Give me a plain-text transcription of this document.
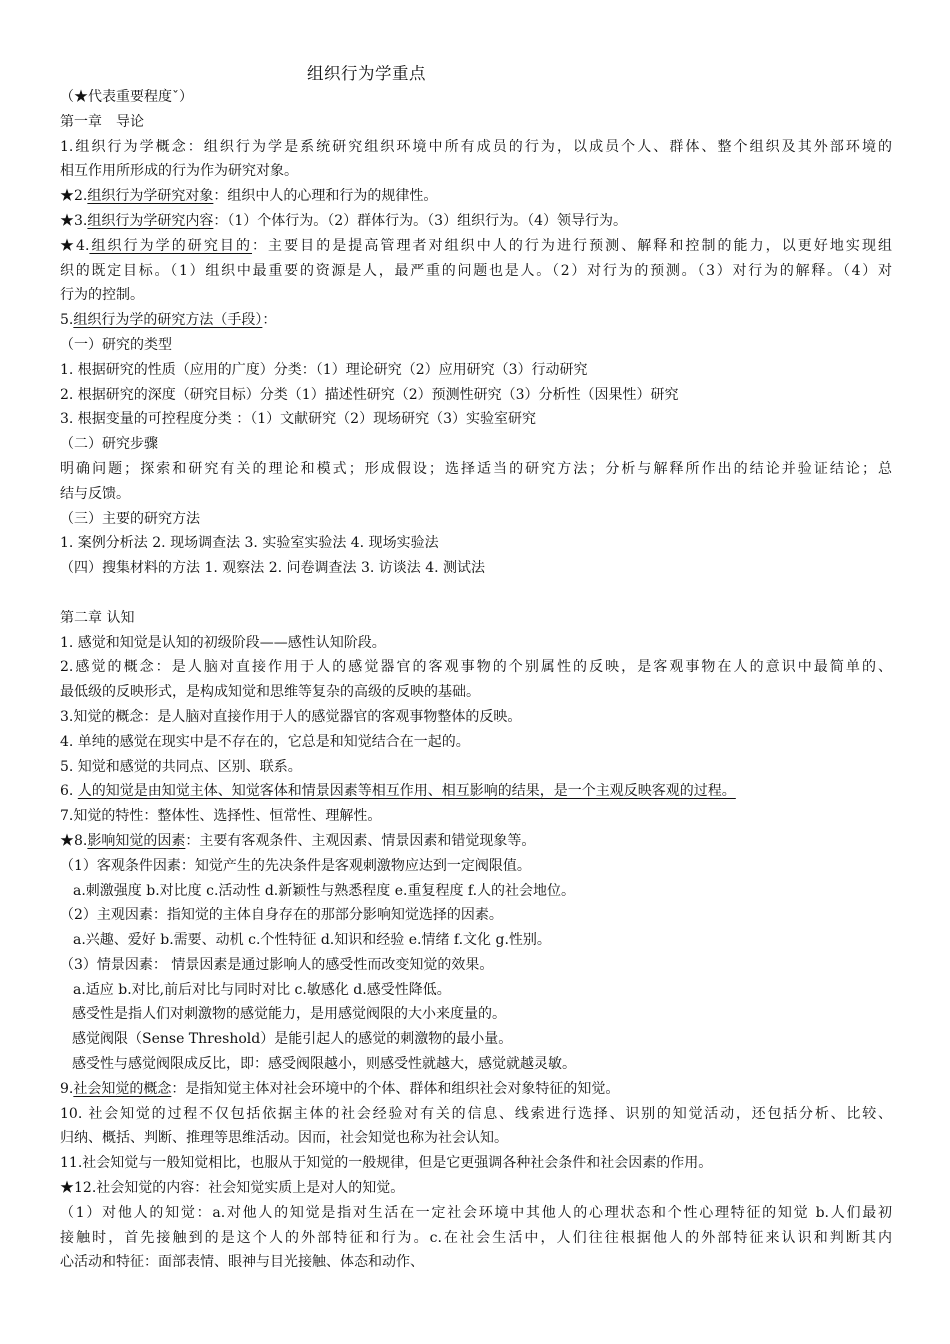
组织行为学重点
（★代表重要程度ˇ）
第一章　导论
1.组织行为学概念：组织行为学是系统研究组织环境中所有成员的行为，以成员个人、群体、整个组织及其外部环境的
相互作用所形成的行为作为研究对象。
★2.组织行为学研究对象：组织中人的心理和行为的规律性。
★3.组织行为学研究内容：（1）个体行为。（2）群体行为。（3）组织行为。（4）领导行为。
★4.组织行为学的研究目的：主要目的是提高管理者对组织中人的行为进行预测、解释和控制的能力，以更好地实现组
织的既定目标。（1）组织中最重要的资源是人，最严重的问题也是人。（2）对行为的预测。（3）对行为的解释。（4）对
行为的控制。
5.组织行为学的研究方法（手段）：
（一）研究的类型
1. 根据研究的性质（应用的广度）分类：（1）理论研究（2）应用研究（3）行动研究
2. 根据研究的深度（研究目标）分类（1）描述性研究（2）预测性研究（3）分析性（因果性）研究
3. 根据变量的可控程度分类 ：（1）文献研究（2）现场研究（3）实验室研究
（二）研究步骤
明确问题；探索和研究有关的理论和模式；形成假设；选择适当的研究方法；分析与解释所作出的结论并验证结论；总
结与反馈。
（三）主要的研究方法
1. 案例分析法 2. 现场调查法 3. 实验室实验法 4. 现场实验法
（四）搜集材料的方法 1. 观察法 2. 问卷调查法 3. 访谈法 4. 测试法
第二章 认知
1. 感觉和知觉是认知的初级阶段——感性认知阶段。
2.感觉的概念：是人脑对直接作用于人的感觉器官的客观事物的个别属性的反映，是客观事物在人的意识中最简单的、
最低级的反映形式，是构成知觉和思维等复杂的高级的反映的基础。
3.知觉的概念：是人脑对直接作用于人的感觉器官的客观事物整体的反映。
4. 单纯的感觉在现实中是不存在的，它总是和知觉结合在一起的。
5. 知觉和感觉的共同点、区别、联系。
6. 人的知觉是由知觉主体、知觉客体和情景因素等相互作用、相互影响的结果，是一个主观反映客观的过程。
7.知觉的特性：整体性、选择性、恒常性、理解性。
★8.影响知觉的因素：主要有客观条件、主观因素、情景因素和错觉现象等。
（1）客观条件因素：知觉产生的先决条件是客观刺激物应达到一定阀限值。
a.刺激强度 b.对比度 c.活动性 d.新颖性与熟悉程度 e.重复程度 f.人的社会地位。
（2）主观因素：指知觉的主体自身存在的那部分影响知觉选择的因素。
a.兴趣、爱好 b.需要、动机 c.个性特征 d.知识和经验 e.情绪 f.文化 g.性别。
（3）情景因素： 情景因素是通过影响人的感受性而改变知觉的效果。
a.适应 b.对比,前后对比与同时对比 c.敏感化 d.感受性降低。
感受性是指人们对刺激物的感觉能力，是用感觉阀限的大小来度量的。
感觉阀限（Sense Threshold）是能引起人的感觉的刺激物的最小量。
感受性与感觉阀限成反比，即：感受阀限越小，则感受性就越大，感觉就越灵敏。
9.社会知觉的概念：是指知觉主体对社会环境中的个体、群体和组织社会对象特征的知觉。
10. 社会知觉的过程不仅包括依据主体的社会经验对有关的信息、线索进行选择、识别的知觉活动，还包括分析、比较、
归纳、概括、判断、推理等思维活动。因而，社会知觉也称为社会认知。
11.社会知觉与一般知觉相比，也服从于知觉的一般规律，但是它更强调各种社会条件和社会因素的作用。
★12.社会知觉的内容：社会知觉实质上是对人的知觉。
（1）对他人的知觉：a.对他人的知觉是指对生活在一定社会环境中其他人的心理状态和个性心理特征的知觉 b.人们最初
接触时，首先接触到的是这个人的外部特征和行为。c.在社会生活中，人们往往根据他人的外部特征来认识和判断其内
心活动和特征：面部表情、眼神与目光接触、体态和动作、
